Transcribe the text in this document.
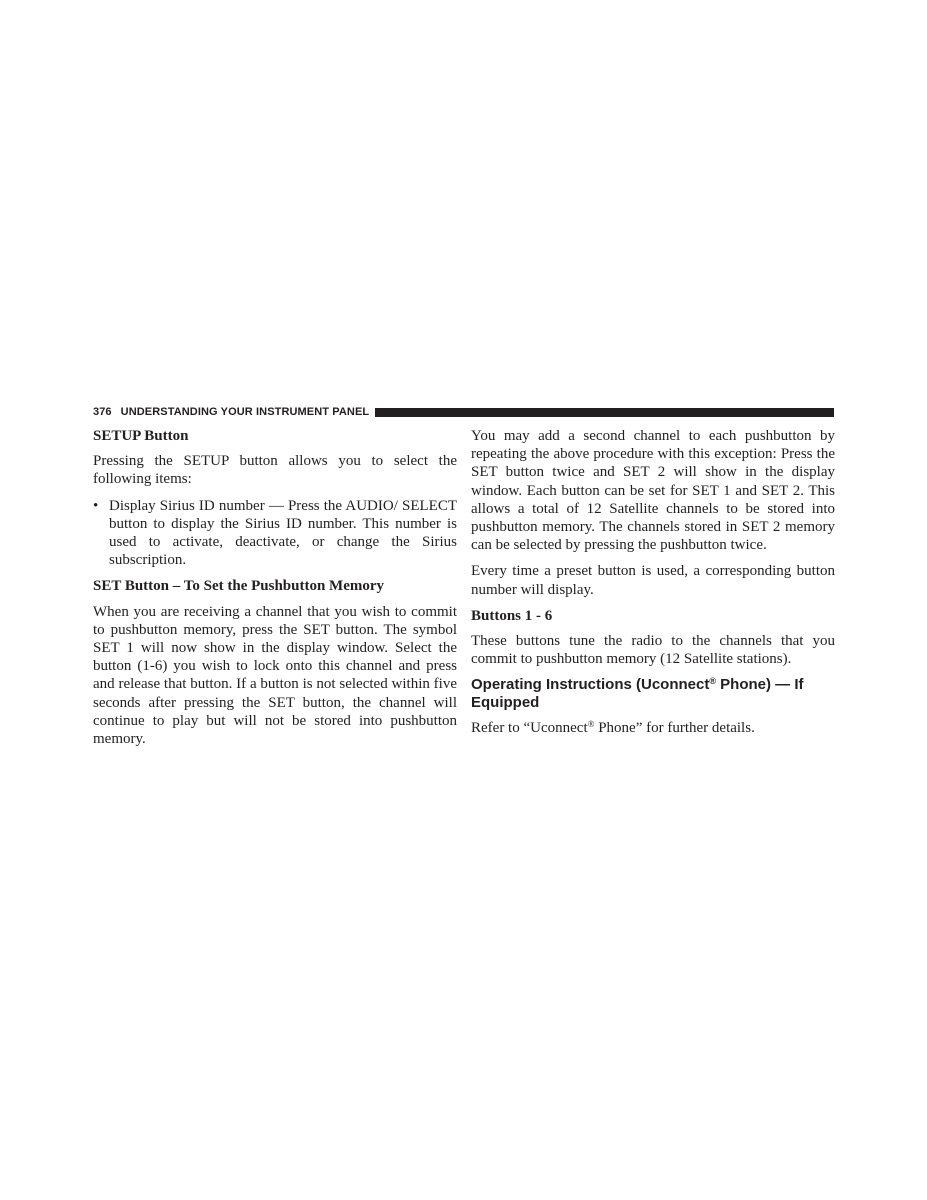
376 UNDERSTANDING YOUR INSTRUMENT PANEL
SETUP Button

Pressing the SETUP button allows you to select the following items:

• Display Sirius ID number — Press the AUDIO/ SELECT button to display the Sirius ID number. This number is used to activate, deactivate, or change the Sirius subscription.
SET Button – To Set the Pushbutton Memory

When you are receiving a channel that you wish to commit to pushbutton memory, press the SET button. The symbol SET 1 will now show in the display window. Select the button (1-6) you wish to lock onto this channel and press and release that button. If a button is not selected within five seconds after pressing the SET button, the channel will continue to play but will not be stored into pushbutton memory.

You may add a second channel to each pushbutton by repeating the above procedure with this exception: Press the SET button twice and SET 2 will show in the display window. Each button can be set for SET 1 and SET 2. This allows a total of 12 Satellite channels to be stored into pushbutton memory. The channels stored in SET 2 memory can be selected by pressing the pushbutton twice.

Every time a preset button is used, a corresponding button number will display.

Buttons 1 - 6

These buttons tune the radio to the channels that you commit to pushbutton memory (12 Satellite stations).

Operating Instructions (Uconnect® Phone) — If Equipped

Refer to “Uconnect® Phone” for further details.
